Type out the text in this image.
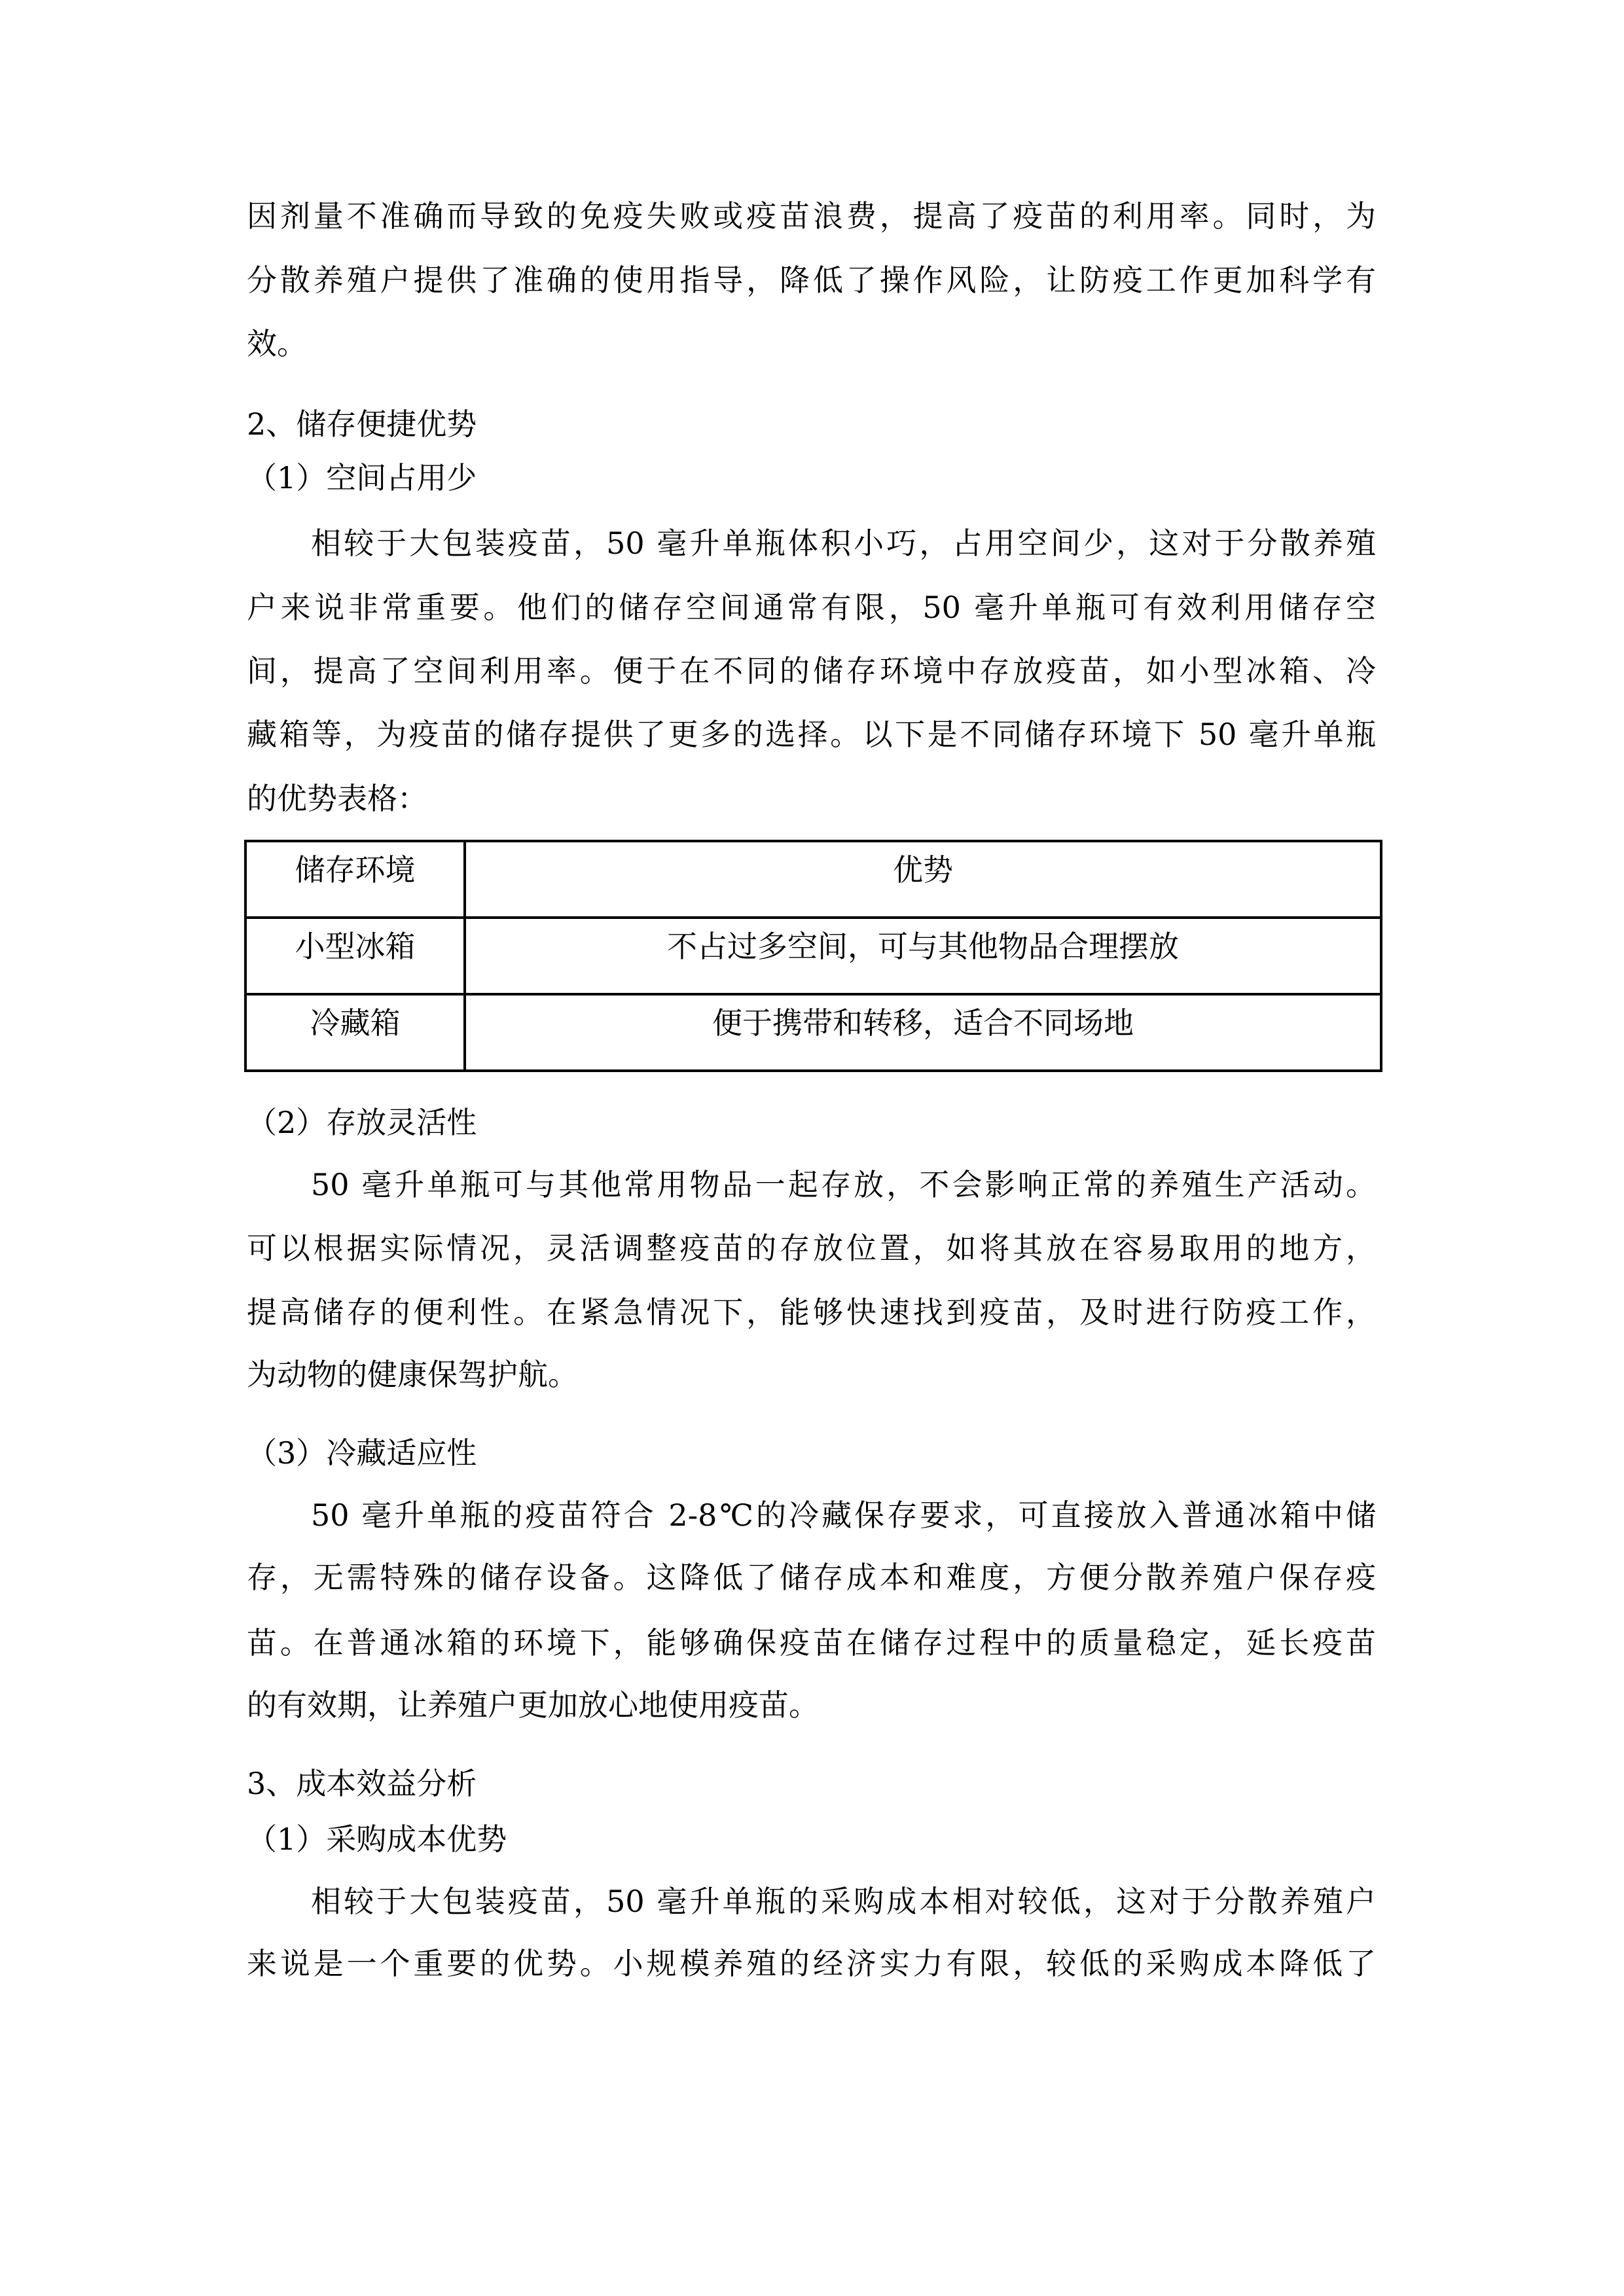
因剂量不准确而导致的免疫失败或疫苗浪费，提高了疫苗的利用率。同时，为
分散养殖户提供了准确的使用指导，降低了操作风险，让防疫工作更加科学有
效。
2、储存便捷优势
（1）空间占用少
相较于大包装疫苗，50 毫升单瓶体积小巧，占用空间少，这对于分散养殖
户来说非常重要。他们的储存空间通常有限，50 毫升单瓶可有效利用储存空
间，提高了空间利用率。便于在不同的储存环境中存放疫苗，如小型冰箱、冷
藏箱等，为疫苗的储存提供了更多的选择。以下是不同储存环境下 50 毫升单瓶
的优势表格：
储存环境	优势
小型冰箱	不占过多空间，可与其他物品合理摆放
冷藏箱	便于携带和转移，适合不同场地
（2）存放灵活性
50 毫升单瓶可与其他常用物品一起存放，不会影响正常的养殖生产活动。
可以根据实际情况，灵活调整疫苗的存放位置，如将其放在容易取用的地方，
提高储存的便利性。在紧急情况下，能够快速找到疫苗，及时进行防疫工作，
为动物的健康保驾护航。
（3）冷藏适应性
50 毫升单瓶的疫苗符合 2-8℃的冷藏保存要求，可直接放入普通冰箱中储
存，无需特殊的储存设备。这降低了储存成本和难度，方便分散养殖户保存疫
苗。在普通冰箱的环境下，能够确保疫苗在储存过程中的质量稳定，延长疫苗
的有效期，让养殖户更加放心地使用疫苗。
3、成本效益分析
（1）采购成本优势
相较于大包装疫苗，50 毫升单瓶的采购成本相对较低，这对于分散养殖户
来说是一个重要的优势。小规模养殖的经济实力有限，较低的采购成本降低了
